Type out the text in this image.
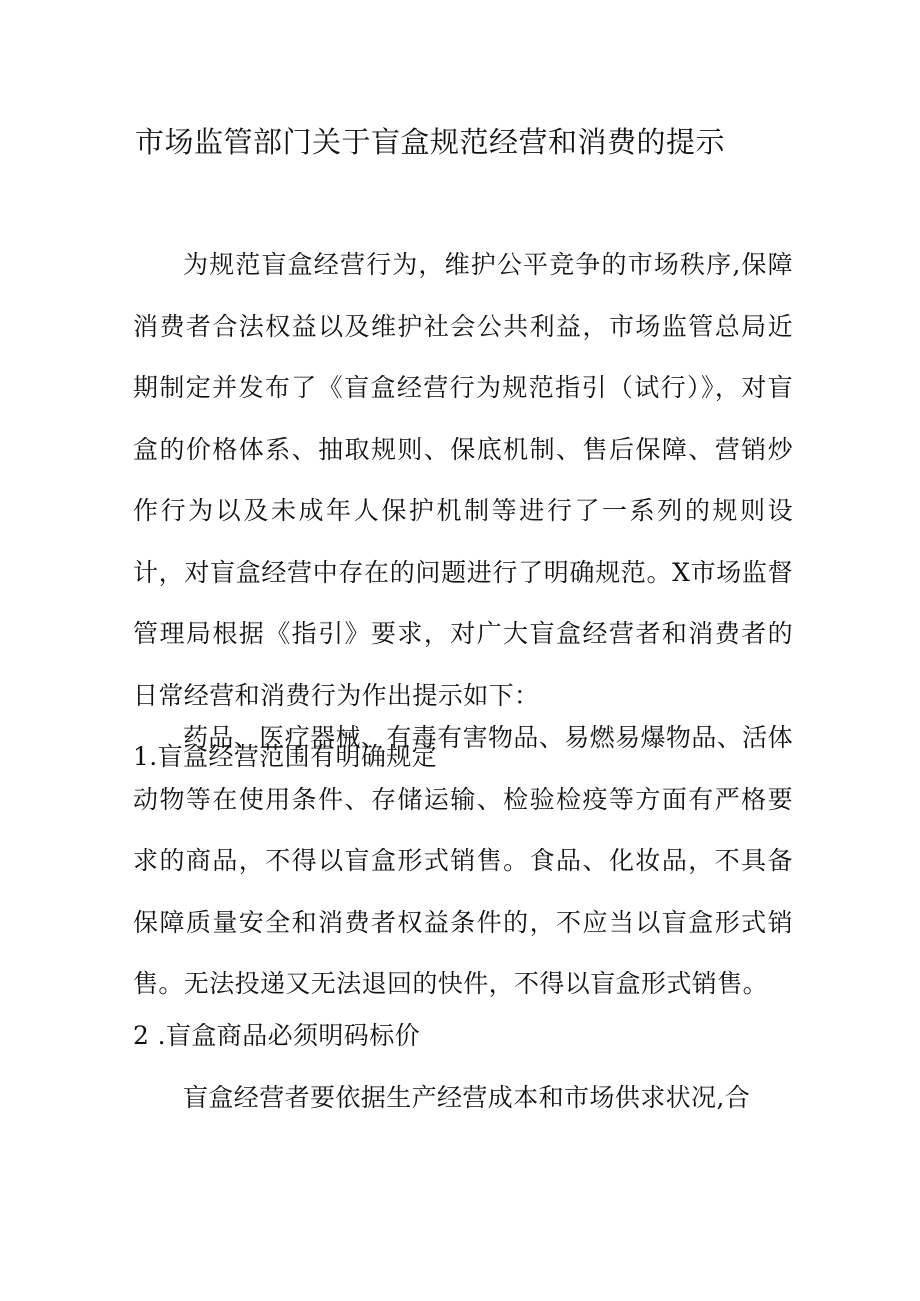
市场监管部门关于盲盒规范经营和消费的提示

为规范盲盒经营行为，维护公平竞争的市场秩序,保障消费者合法权益以及维护社会公共利益，市场监管总局近期制定并发布了《盲盒经营行为规范指引（试行）》，对盲盒的价格体系、抽取规则、保底机制、售后保障、营销炒作行为以及未成年人保护机制等进行了一系列的规则设计，对盲盒经营中存在的问题进行了明确规范。X市场监督管理局根据《指引》要求，对广大盲盒经营者和消费者的日常经营和消费行为作出提示如下：

1.盲盒经营范围有明确规定

药品、医疗器械、有毒有害物品、易燃易爆物品、活体动物等在使用条件、存储运输、检验检疫等方面有严格要求的商品，不得以盲盒形式销售。食品、化妆品，不具备保障质量安全和消费者权益条件的，不应当以盲盒形式销售。无法投递又无法退回的快件，不得以盲盒形式销售。

2 .盲盒商品必须明码标价

盲盒经营者要依据生产经营成本和市场供求状况,合
